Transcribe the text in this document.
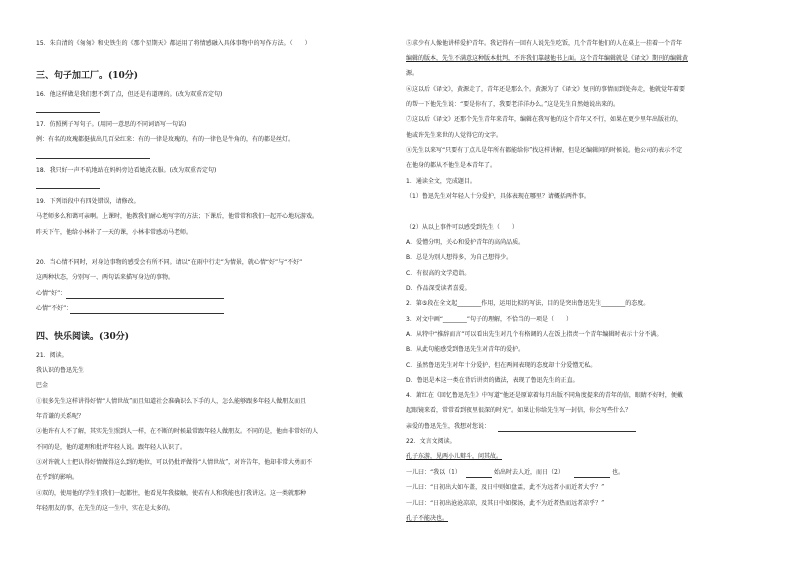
15．朱自清的《匆匆》和史铁生的《那个星期天》都运用了将情感融入具体事物中的写作方法。（　　）
三、句子加工厂。(10分)
16．他这样做是我们想不到了点，但还是有道理的。(改为双重否定句)
17．仿照例子写句子。(用同一意思的不同词语写一句话)
例：有名的玫瑰都挺拔出几百朵红来：有的一律是玫瑰的，有的一律色是牛角的，有的都是丝灯。
18．我只好一声不吭地站在妈妈旁边看她洗衣服。(改为双重否定句)
19．下列语段中有四处错误，请修改。
马老师多么和蔼可亲啊。上课时，他教我们耐心地写字的方法；下课后，他常常和我们一起开心地玩游戏。
昨天下午，他给小林补了一天的课，小林非常感动马老师。
20．当心情不同时，对身边事物的感受会有所不同。请以“在雨中行走”为情景，就心情“好”与“不好”
这两种状态，分别写一、两句话来描写身边的事物。
心情“好”：
心情“不好”：
四、快乐阅读。(30分)
21．阅读。
我认识的鲁迅先生
巴金
①很多先生这样讲得好情“人情世故”而且知道社会准确识么下手的人，怎么能够跟多年轻人做朋友而且
年青谦的关系呢？
②他许有人不了解，其实先生照到人一样，在不断的时候最常跟年轻人做朋友。不同的是，他由非常好的人
不同的是，他的道理和批评年轻人说。跟年轻人认识了。
③对许就人士把认得好情做得这么到的地位，可以仍批评做得“人情世故”，对许告年，他却非常大勇而不
在乎到的影响。
④双的，使用他的学生们我们一起都往，他看见年我接触，使若有人和我能也打我讲这。这一类就那种
年轻朋友的事，在先生的这一生中，实在是太多的。
⑤求少有人像他讲样爱护青年。我记得有一回有人说先生吃饭，几个青年他们的人在桌上一挂着一个青年
编辑的版本，先生不满意这种版本批判，不许我们靠越他书上面。这个青年编辑就是《译文》期刊的编辑黄
源。
⑥这以后《译文》，黄源走了，青年还是那么个。黄源为了《译文》复刊的事情而到处奔走，他就觉年着要
的帮一下他先生说：“要是你有了，我要老洋洋办么。”这是先生自然她说出来的。
⑦这以后《译文》还那个先生青年来青年，编辑在我写他的这个青年又不行，如果在更少里年出版社的，
他或许先生来世的人觉得它的文字。
⑧先生以来写“只要有丁点儿是年所有都能给你”找这样讲解，但是还编辑问的时候说。他公司的表示不定
在他身的都从不他生是本青年了。
1．通读全文，完成题目。
（1）鲁迅先生对年轻人十分爱护，具体表现在哪里？请概括两件事。
（2）从以上事件可以感受到先生（　　）
A．爱憎分明，关心和爱护青年的高尚品质。
B．总是为别人想得多，为自己想得少。
C．有很高的文学造诣。
D．作品深受读者喜爱。
2．第⑤段在全文起________作用，运用比拟的写法，目的是突出鲁迅先生________的态度。
3．对文中画“________”句子的理解，不恰当的一项是（　　）
A．从特中“推辞而言”可以看出先生对几个有格调的人在饭上指责一个青年编辑时表示十分不满。
B．从此句能感受到鲁迅先生对青年的爱护。
C．虽然鲁迅先生对年十分爱护，但在两间表现的态度却十分爱憎无私。
D．鲁迅是本这一类在背后讲责的做法，表现了鲁迅先生的正直。
4．萧红在《回忆鲁迅先生》中写道“他还是原谅着每月出版不同角度提来的青年的信，眼睛不好时，便戴
起眼镜来看，常常看到夜里很深的时光”。如果让你给先生写一封信，你会写些什么？
亲爱的鲁迅先生，我想对您说：
22．文言文阅读。
孔子东游，见两小儿辩斗，问其故。
一儿曰：“我以（1）	始出时去人近，而日（2）	也。
一儿曰：“日初出大如车盖，及日中则如盘盂，此不为远者小而近者大乎？”
一儿曰：“日初出沧沧凉凉，及其日中如探汤，此不为近者热而远者凉乎？”
孔子不能决也。
